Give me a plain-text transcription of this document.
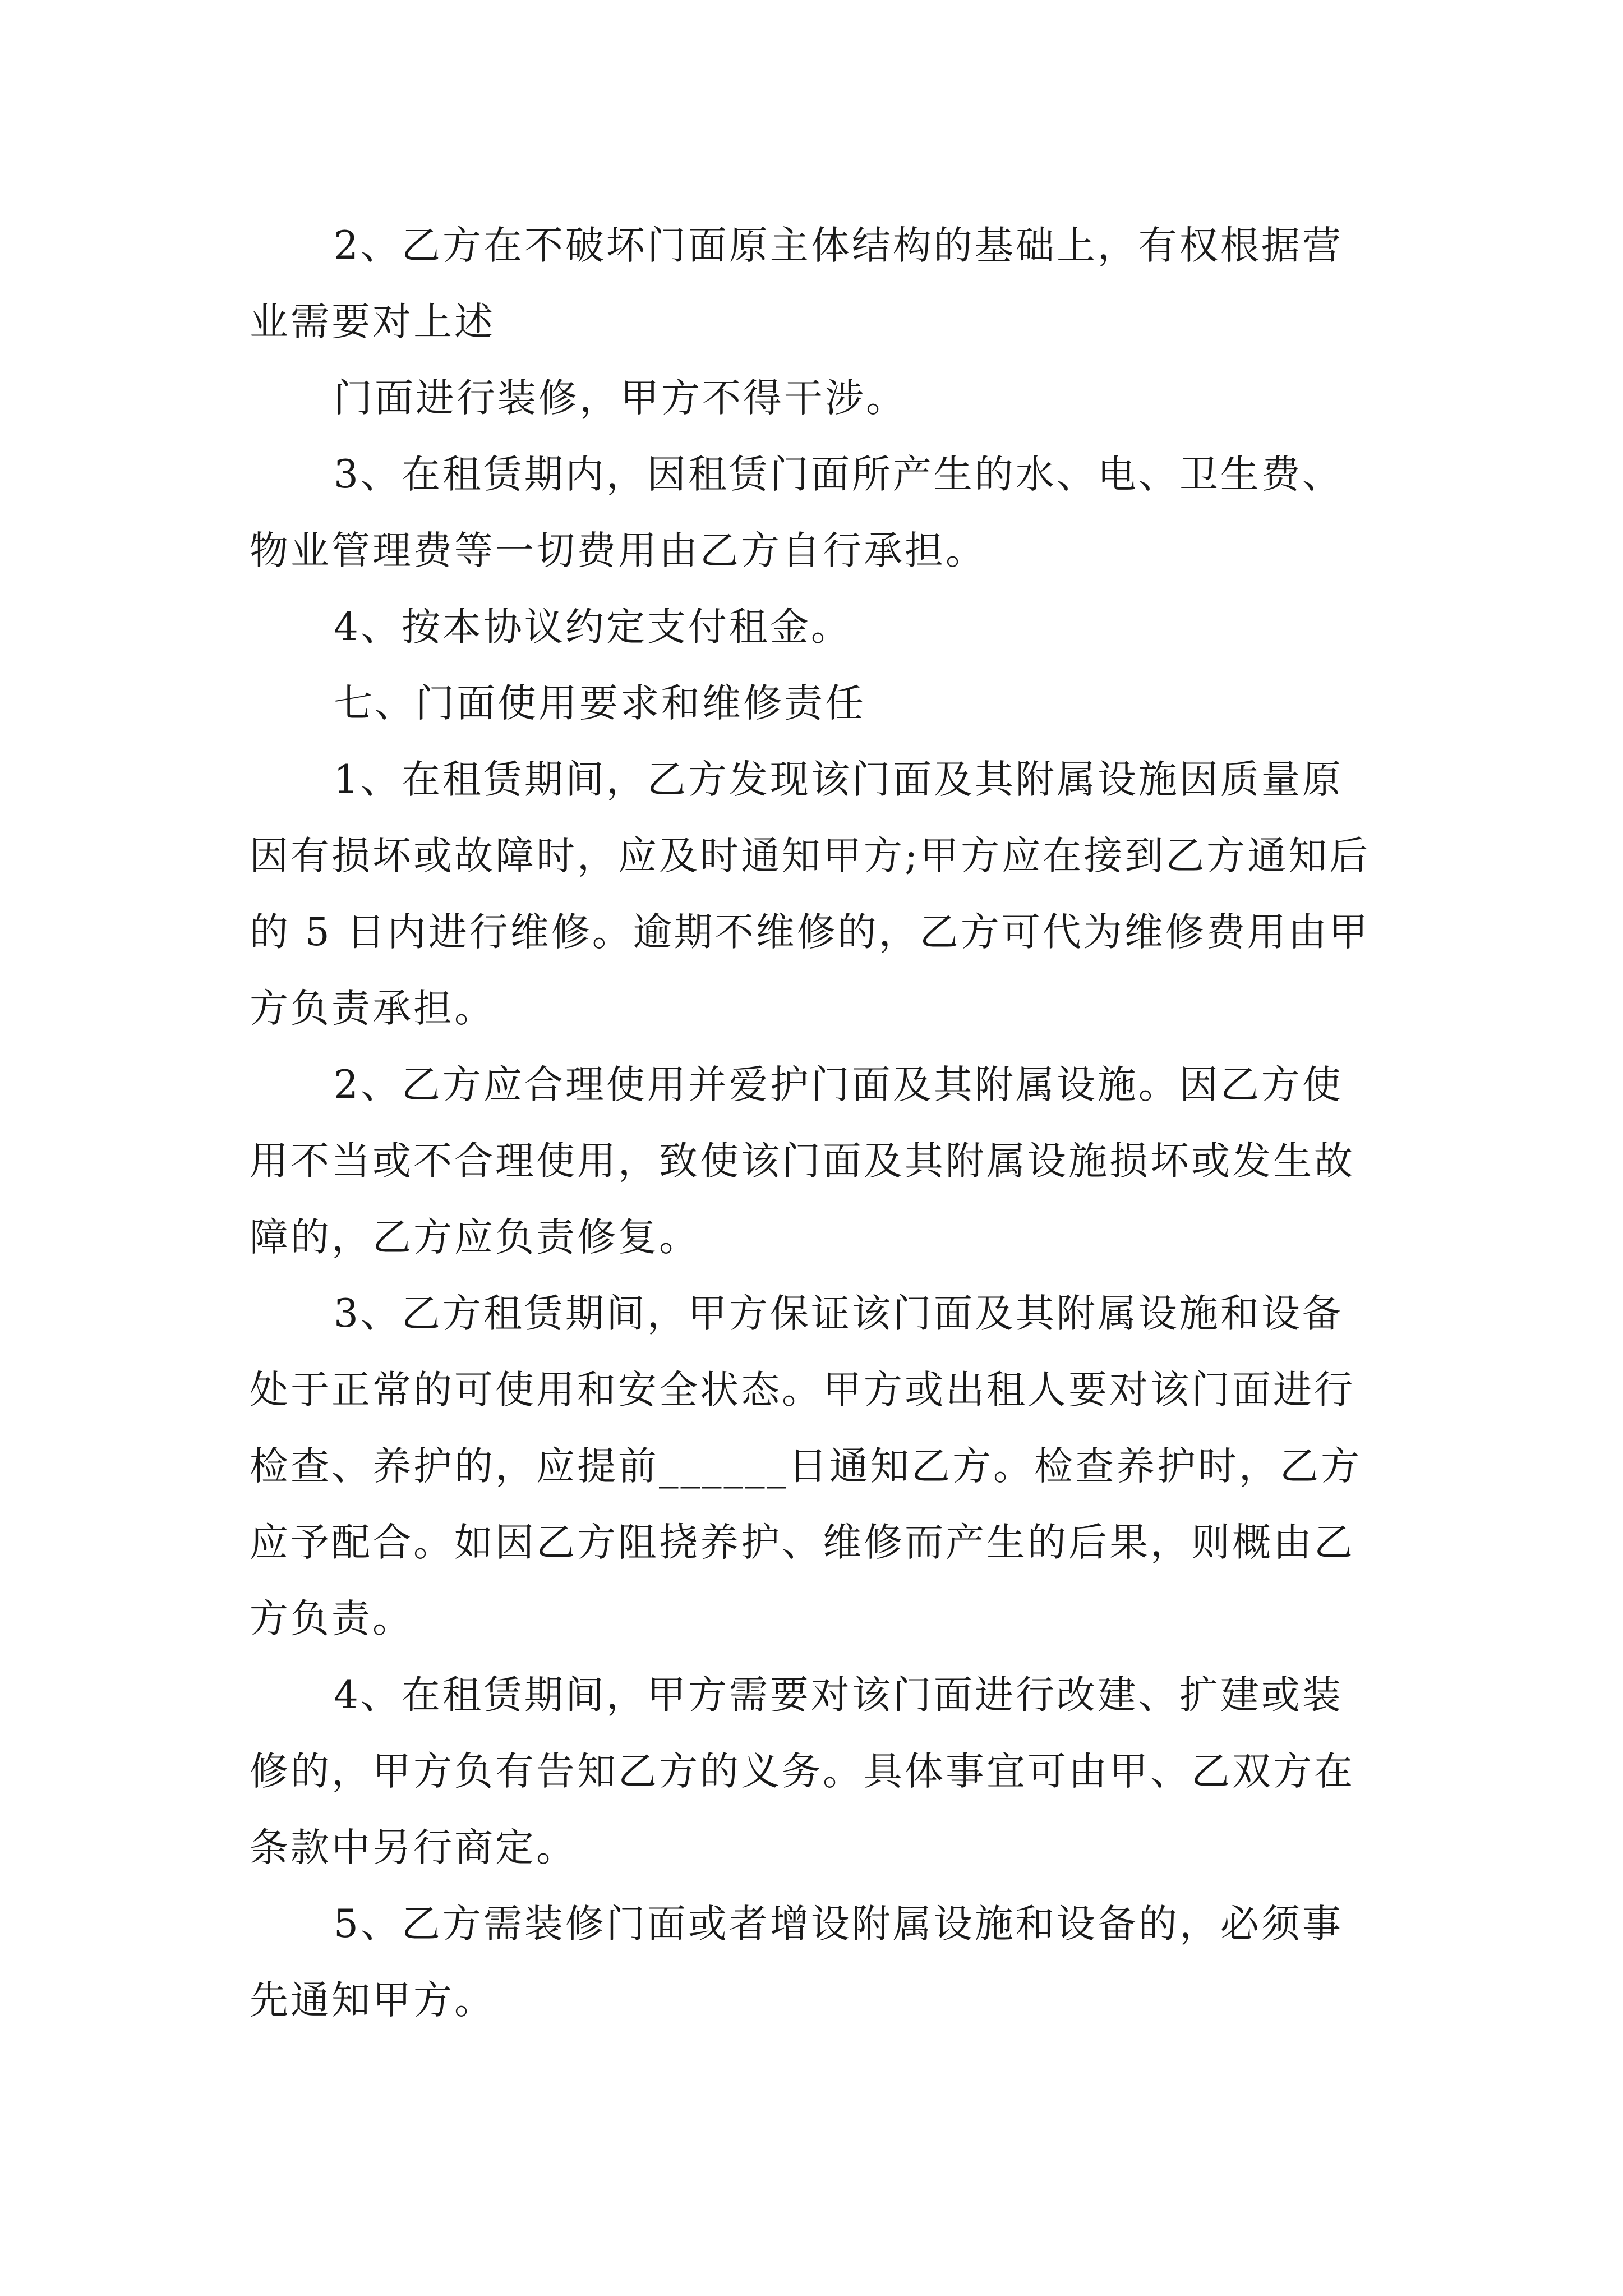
2、乙方在不破坏门面原主体结构的基础上，有权根据营业需要对上述

门面进行装修，甲方不得干涉。

3、在租赁期内，因租赁门面所产生的水、电、卫生费、物业管理费等一切费用由乙方自行承担。

4、按本协议约定支付租金。

七、门面使用要求和维修责任

1、在租赁期间，乙方发现该门面及其附属设施因质量原因有损坏或故障时，应及时通知甲方;甲方应在接到乙方通知后的 5 日内进行维修。逾期不维修的，乙方可代为维修费用由甲方负责承担。

2、乙方应合理使用并爱护门面及其附属设施。因乙方使用不当或不合理使用，致使该门面及其附属设施损坏或发生故障的，乙方应负责修复。

3、乙方租赁期间，甲方保证该门面及其附属设施和设备处于正常的可使用和安全状态。甲方或出租人要对该门面进行检查、养护的，应提前______日通知乙方。检查养护时，乙方应予配合。如因乙方阻挠养护、维修而产生的后果，则概由乙方负责。

4、在租赁期间，甲方需要对该门面进行改建、扩建或装修的，甲方负有告知乙方的义务。具体事宜可由甲、乙双方在条款中另行商定。

5、乙方需装修门面或者增设附属设施和设备的，必须事先通知甲方。
